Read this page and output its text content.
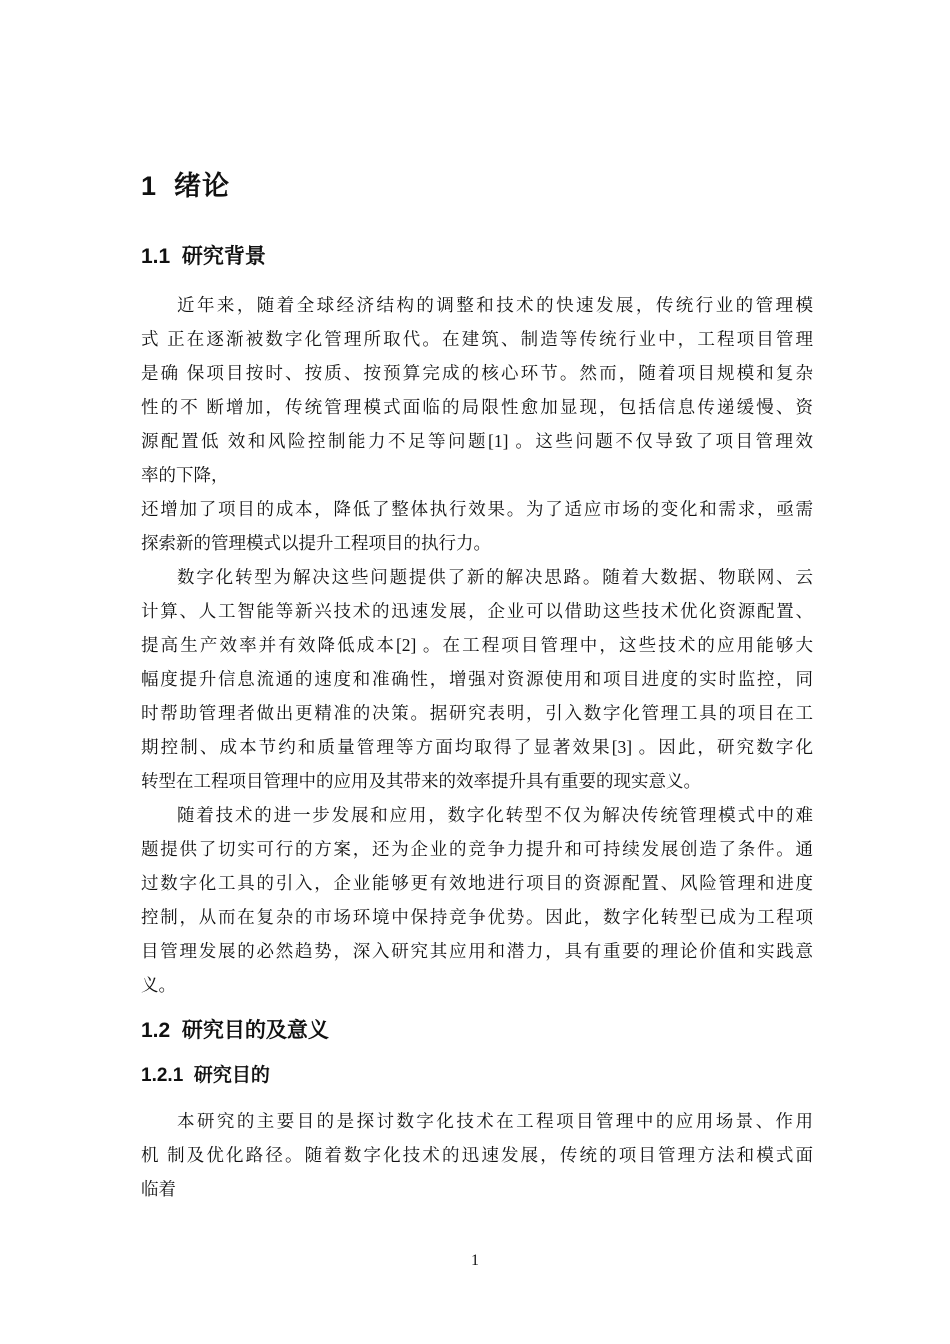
1  绪论
1.1  研究背景
近年来，随着全球经济结构的调整和技术的快速发展，传统行业的管理模
式 正在逐渐被数字化管理所取代。在建筑、制造等传统行业中，工程项目管理
是确 保项目按时、按质、按预算完成的核心环节。然而，随着项目规模和复杂
性的不 断增加，传统管理模式面临的局限性愈加显现，包括信息传递缓慢、资
源配置低 效和风险控制能力不足等问题[1] 。这些问题不仅导致了项目管理效
率的下降，
还增加了项目的成本，降低了整体执行效果。为了适应市场的变化和需求，亟需
探索新的管理模式以提升工程项目的执行力。
数字化转型为解决这些问题提供了新的解决思路。随着大数据、物联网、云
计算、人工智能等新兴技术的迅速发展，企业可以借助这些技术优化资源配置、
提高生产效率并有效降低成本[2] 。在工程项目管理中，这些技术的应用能够大
幅度提升信息流通的速度和准确性，增强对资源使用和项目进度的实时监控，同
时帮助管理者做出更精准的决策。据研究表明，引入数字化管理工具的项目在工
期控制、成本节约和质量管理等方面均取得了显著效果[3] 。因此，研究数字化
转型在工程项目管理中的应用及其带来的效率提升具有重要的现实意义。
随着技术的进一步发展和应用，数字化转型不仅为解决传统管理模式中的难
题提供了切实可行的方案，还为企业的竞争力提升和可持续发展创造了条件。通
过数字化工具的引入，企业能够更有效地进行项目的资源配置、风险管理和进度
控制，从而在复杂的市场环境中保持竞争优势。因此，数字化转型已成为工程项
目管理发展的必然趋势，深入研究其应用和潜力，具有重要的理论价值和实践意
义。
1.2  研究目的及意义
1.2.1  研究目的
本研究的主要目的是探讨数字化技术在工程项目管理中的应用场景、作用
机 制及优化路径。随着数字化技术的迅速发展，传统的项目管理方法和模式面
临着
1
